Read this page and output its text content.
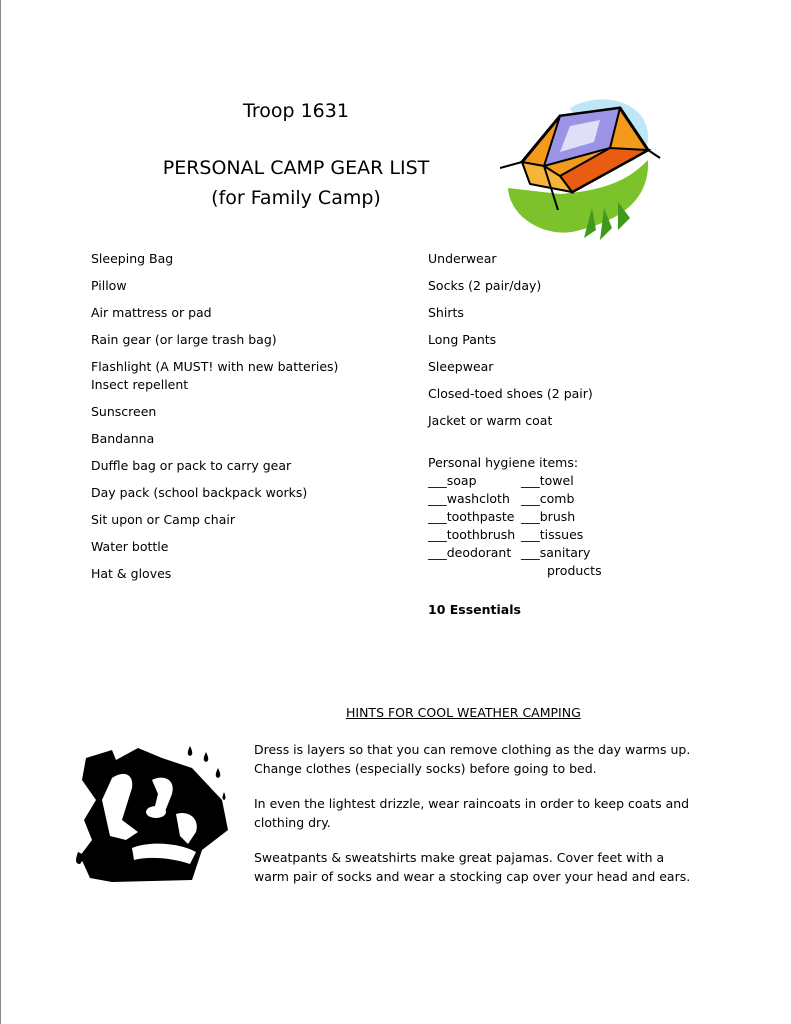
Troop 1631
PERSONAL CAMP GEAR LIST
(for Family Camp)
Sleeping Bag
Pillow
Air mattress or pad
Rain gear (or large trash bag)
Flashlight (A MUST! with new batteries)
Insect repellent
Sunscreen
Bandanna
Duffle bag or pack to carry gear
Day pack (school backpack works)
Sit upon or Camp chair
Water bottle
Hat & gloves
Underwear
Socks (2 pair/day)
Shirts
Long Pants
Sleepwear
Closed-toed shoes (2 pair)
Jacket or warm coat
Personal hygiene items:
___soap
___washcloth
___toothpaste
___toothbrush
___deodorant
___towel
___comb
___brush
___tissues
___sanitary
products
10 Essentials
HINTS FOR COOL WEATHER CAMPING
Dress is layers so that you can remove clothing as the day warms up. Change clothes (especially socks) before going to bed.
In even the lightest drizzle, wear raincoats in order to keep coats and clothing dry.
Sweatpants & sweatshirts make great pajamas. Cover feet with a warm pair of socks and wear a stocking cap over your head and ears.
